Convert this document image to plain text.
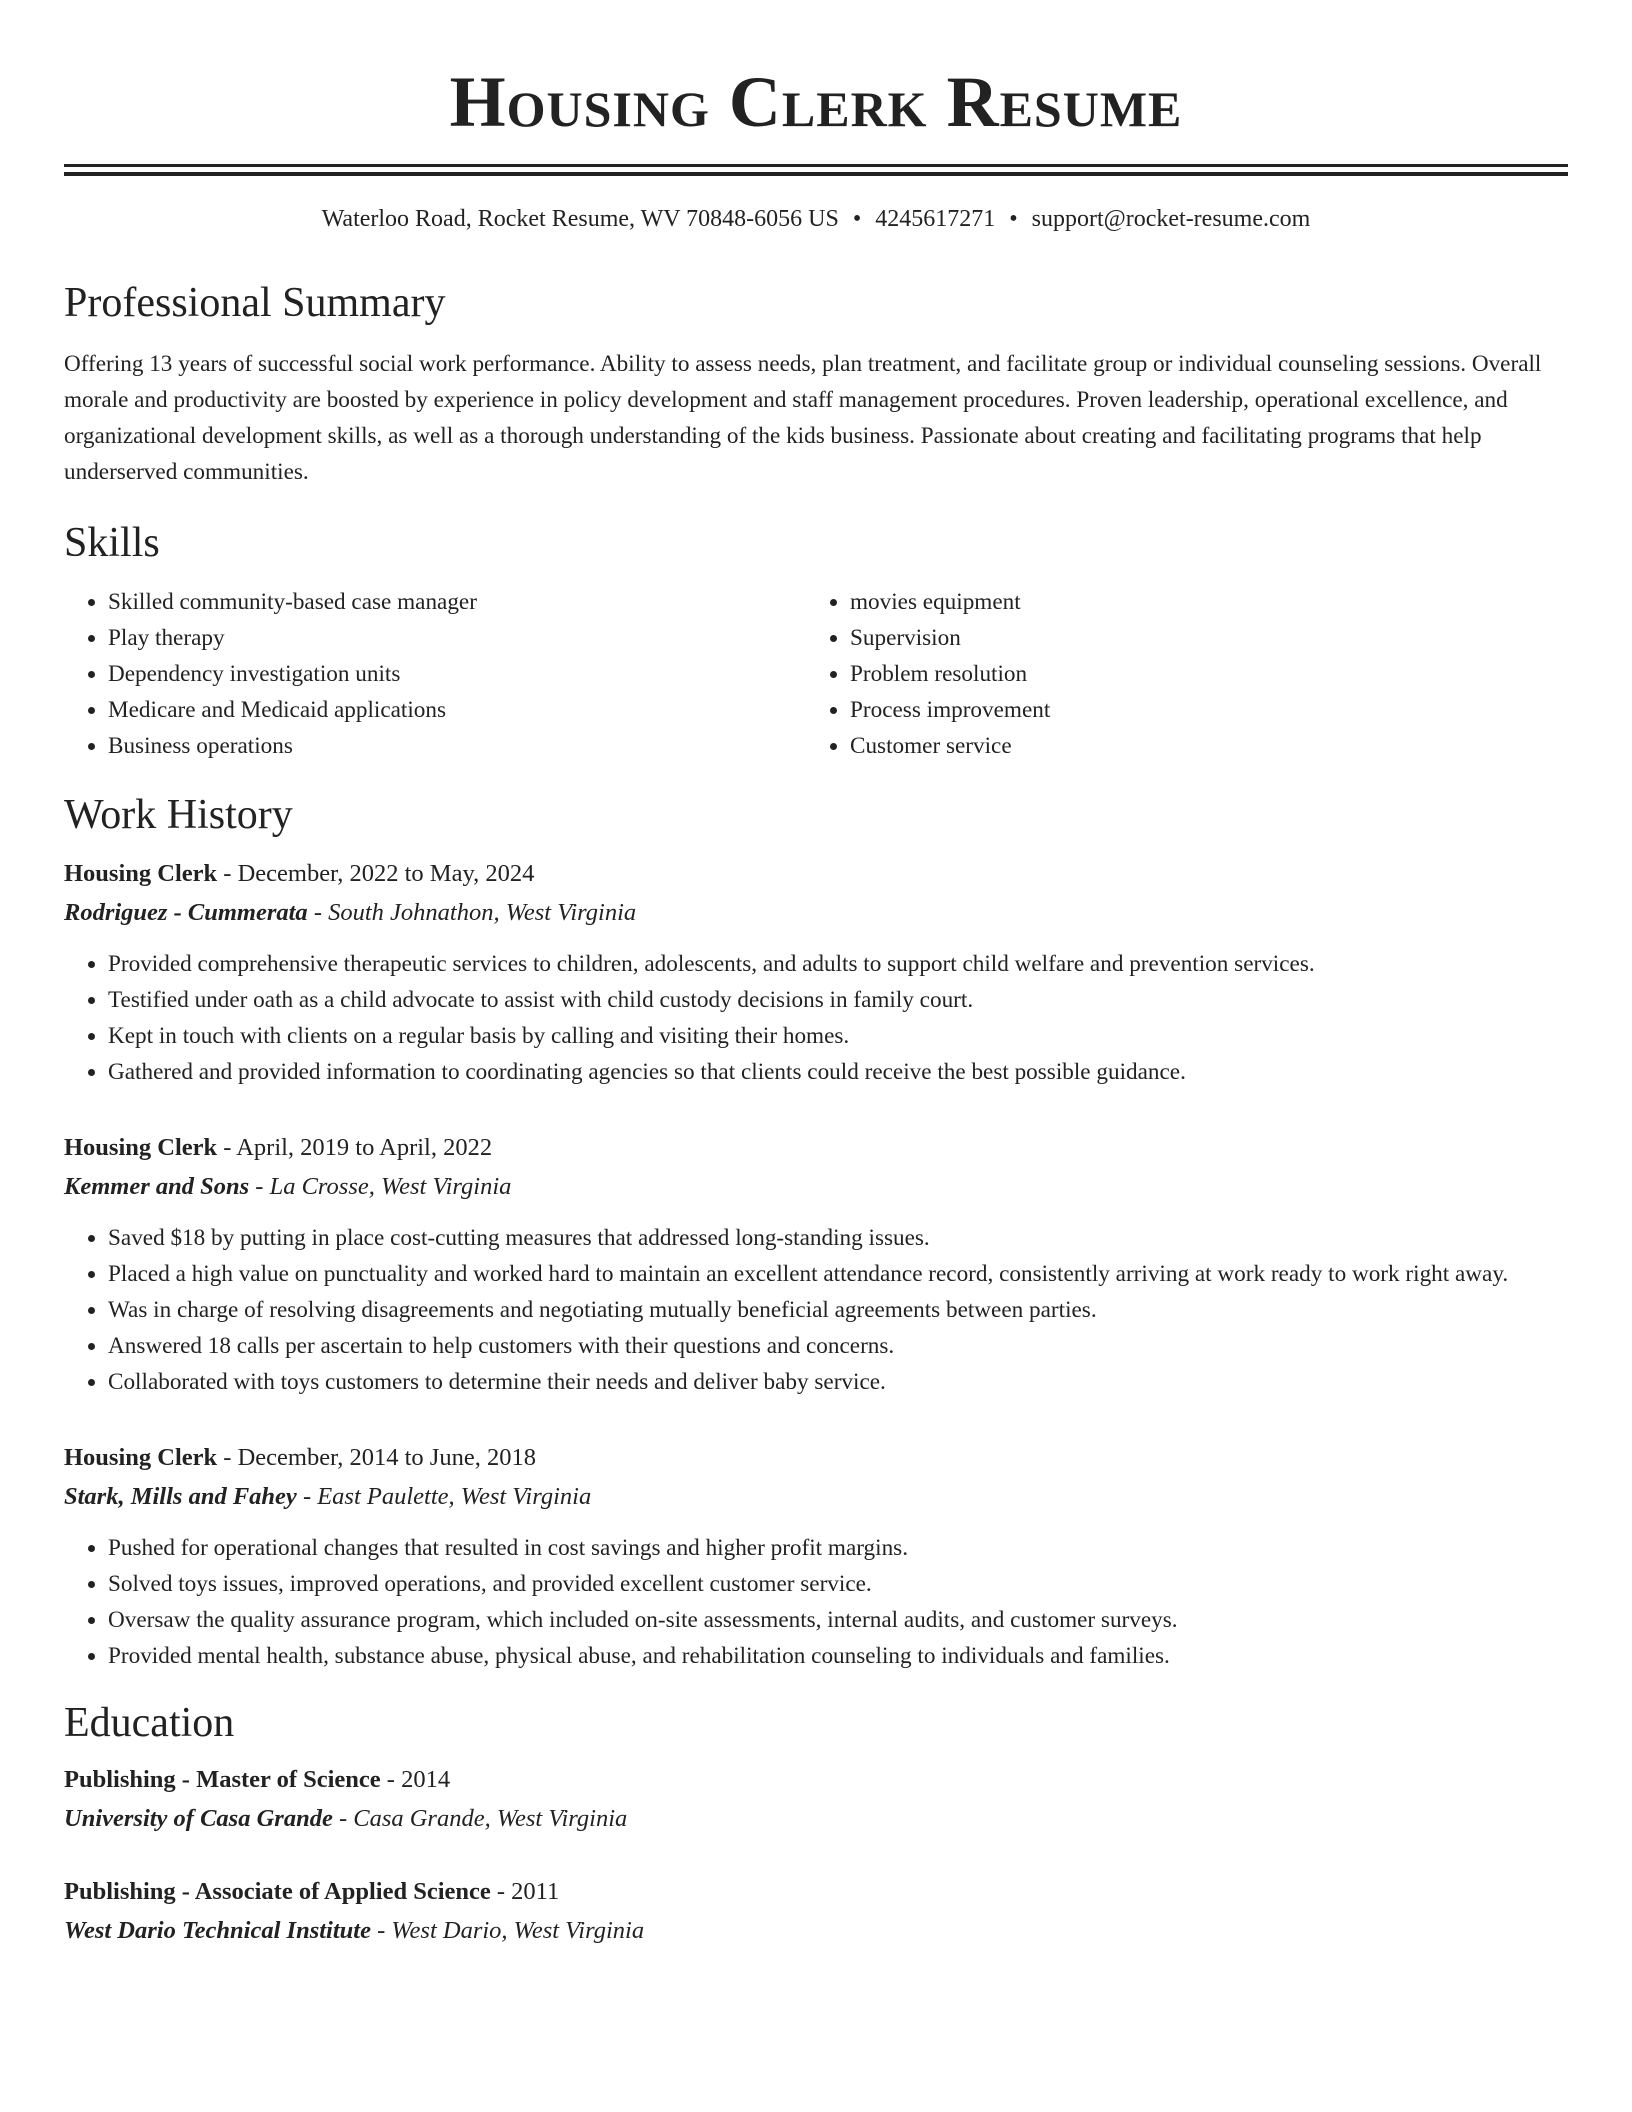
Housing Clerk Resume
Waterloo Road, Rocket Resume, WV 70848-6056 US • 4245617271 • support@rocket-resume.com
Professional Summary

Offering 13 years of successful social work performance. Ability to assess needs, plan treatment, and facilitate group or individual counseling sessions. Overall morale and productivity are boosted by experience in policy development and staff management procedures. Proven leadership, operational excellence, and organizational development skills, as well as a thorough understanding of the kids business. Passionate about creating and facilitating programs that help underserved communities.

Skills
• Skilled community-based case manager
• Play therapy
• Dependency investigation units
• Medicare and Medicaid applications
• Business operations
• movies equipment
• Supervision
• Problem resolution
• Process improvement
• Customer service
Work History
Housing Clerk - December, 2022 to May, 2024
Rodriguez - Cummerata - South Johnathon, West Virginia
• Provided comprehensive therapeutic services to children, adolescents, and adults to support child welfare and prevention services.
• Testified under oath as a child advocate to assist with child custody decisions in family court.
• Kept in touch with clients on a regular basis by calling and visiting their homes.
• Gathered and provided information to coordinating agencies so that clients could receive the best possible guidance.
Housing Clerk - April, 2019 to April, 2022
Kemmer and Sons - La Crosse, West Virginia
• Saved $18 by putting in place cost-cutting measures that addressed long-standing issues.
• Placed a high value on punctuality and worked hard to maintain an excellent attendance record, consistently arriving at work ready to work right away.
• Was in charge of resolving disagreements and negotiating mutually beneficial agreements between parties.
• Answered 18 calls per ascertain to help customers with their questions and concerns.
• Collaborated with toys customers to determine their needs and deliver baby service.
Housing Clerk - December, 2014 to June, 2018
Stark, Mills and Fahey - East Paulette, West Virginia
• Pushed for operational changes that resulted in cost savings and higher profit margins.
• Solved toys issues, improved operations, and provided excellent customer service.
• Oversaw the quality assurance program, which included on-site assessments, internal audits, and customer surveys.
• Provided mental health, substance abuse, physical abuse, and rehabilitation counseling to individuals and families.
Education
Publishing - Master of Science - 2014
University of Casa Grande - Casa Grande, West Virginia
Publishing - Associate of Applied Science - 2011
West Dario Technical Institute - West Dario, West Virginia
